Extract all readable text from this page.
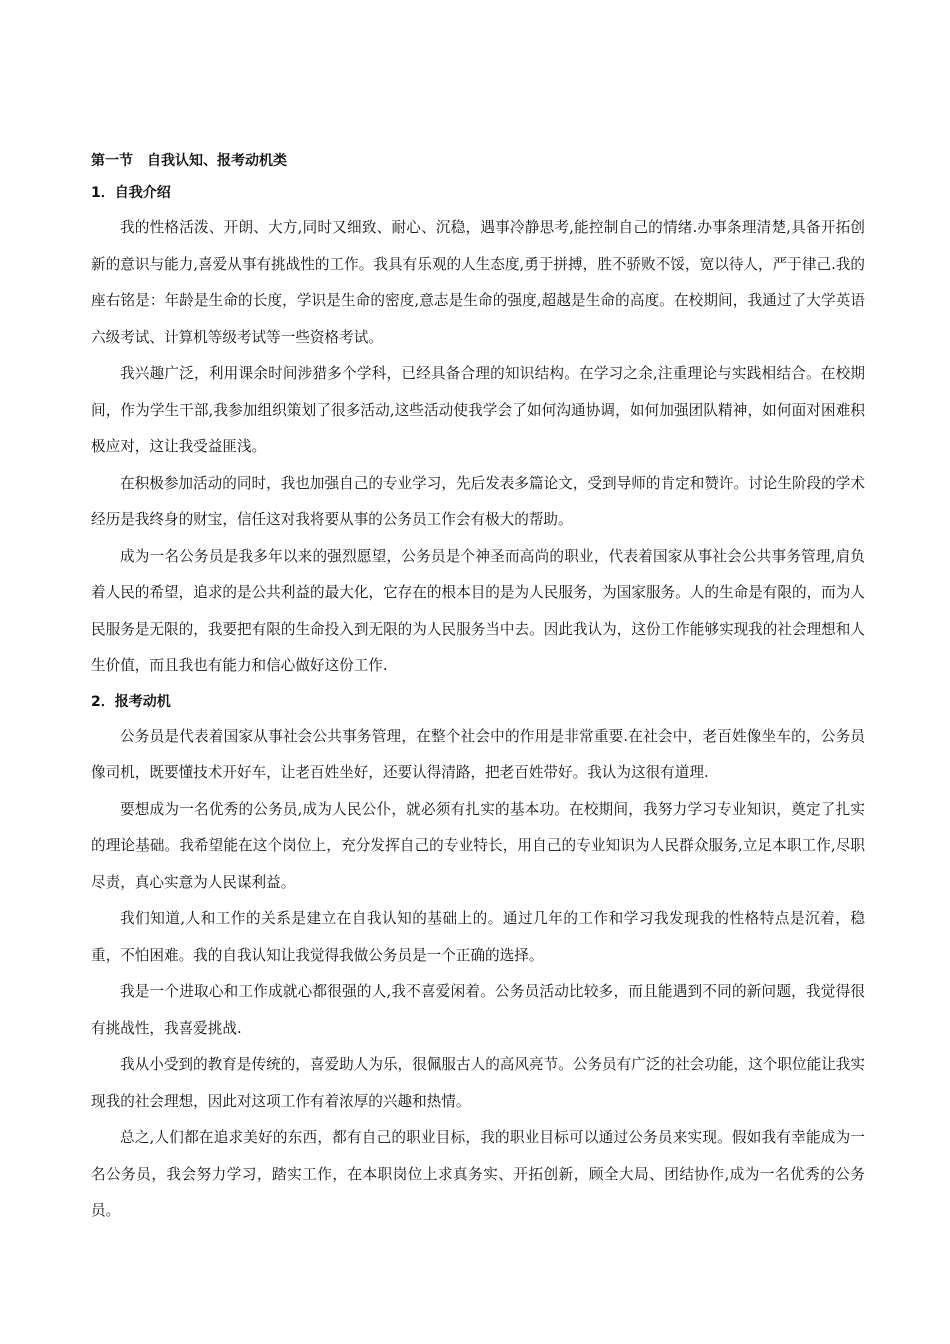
第一节　自我认知、报考动机类
1．自我介绍

我的性格活泼、开朗、大方,同时又细致、耐心、沉稳，遇事冷静思考,能控制自己的情绪.办事条理清楚,具备开拓创新的意识与能力,喜爱从事有挑战性的工作。我具有乐观的人生态度,勇于拼搏，胜不骄败不馁，宽以待人，严于律己.我的座右铭是：年龄是生命的长度，学识是生命的密度,意志是生命的强度,超越是生命的高度。在校期间，我通过了大学英语六级考试、计算机等级考试等一些资格考试。

我兴趣广泛，利用课余时间涉猎多个学科，已经具备合理的知识结构。在学习之余,注重理论与实践相结合。在校期间，作为学生干部,我参加组织策划了很多活动,这些活动使我学会了如何沟通协调，如何加强团队精神，如何面对困难积极应对，这让我受益匪浅。

在积极参加活动的同时，我也加强自己的专业学习，先后发表多篇论文，受到导师的肯定和赞许。讨论生阶段的学术经历是我终身的财宝，信任这对我将要从事的公务员工作会有极大的帮助。

成为一名公务员是我多年以来的强烈愿望，公务员是个神圣而高尚的职业，代表着国家从事社会公共事务管理,肩负着人民的希望，追求的是公共利益的最大化，它存在的根本目的是为人民服务，为国家服务。人的生命是有限的，而为人民服务是无限的，我要把有限的生命投入到无限的为人民服务当中去。因此我认为，这份工作能够实现我的社会理想和人生价值，而且我也有能力和信心做好这份工作.

2．报考动机

公务员是代表着国家从事社会公共事务管理，在整个社会中的作用是非常重要.在社会中，老百姓像坐车的，公务员像司机，既要懂技术开好车，让老百姓坐好，还要认得清路，把老百姓带好。我认为这很有道理.

要想成为一名优秀的公务员,成为人民公仆，就必须有扎实的基本功。在校期间，我努力学习专业知识，奠定了扎实的理论基础。我希望能在这个岗位上，充分发挥自己的专业特长，用自己的专业知识为人民群众服务,立足本职工作,尽职尽责，真心实意为人民谋利益。

我们知道,人和工作的关系是建立在自我认知的基础上的。通过几年的工作和学习我发现我的性格特点是沉着，稳重，不怕困难。我的自我认知让我觉得我做公务员是一个正确的选择。

我是一个进取心和工作成就心都很强的人,我不喜爱闲着。公务员活动比较多，而且能遇到不同的新问题，我觉得很有挑战性，我喜爱挑战.

我从小受到的教育是传统的，喜爱助人为乐，很佩服古人的高风亮节。公务员有广泛的社会功能，这个职位能让我实现我的社会理想，因此对这项工作有着浓厚的兴趣和热情。

总之,人们都在追求美好的东西，都有自己的职业目标，我的职业目标可以通过公务员来实现。假如我有幸能成为一名公务员，我会努力学习，踏实工作，在本职岗位上求真务实、开拓创新，顾全大局、团结协作,成为一名优秀的公务员。
